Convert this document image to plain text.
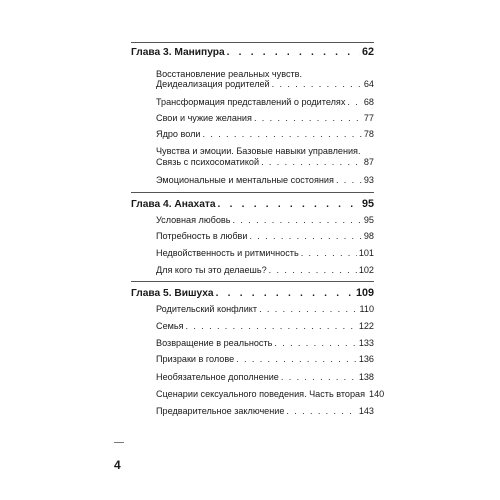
Глава 3. Манипура . . .	62
Восстановление реальных чувств.
Деидеализация родителей . . .	64
Трансформация представлений о родителях . . . 68
Свои и чужие желания . . .	77
Ядро воли . . .	78
Чувства и эмоции. Базовые навыки управления.
Связь с психосоматикой . . .	87
Эмоциональные и ментальные состояния . . .	93
Глава 4. Анахата . . .	95
Условная любовь . . .	95
Потребность в любви . . .	98
Недвойственность и ритмичность . . .	101
Для кого ты это делаешь? . . .	102
Глава 5. Вишуха . . .	109
Родительский конфликт . . .	110
Семья . . .	122
Возвращение в реальность . . .	133
Призраки в голове . . .	136
Необязательное дополнение . . .	138
Сценарии сексуального поведения. Часть вторая 140
Предварительное заключение . . .	143
4
